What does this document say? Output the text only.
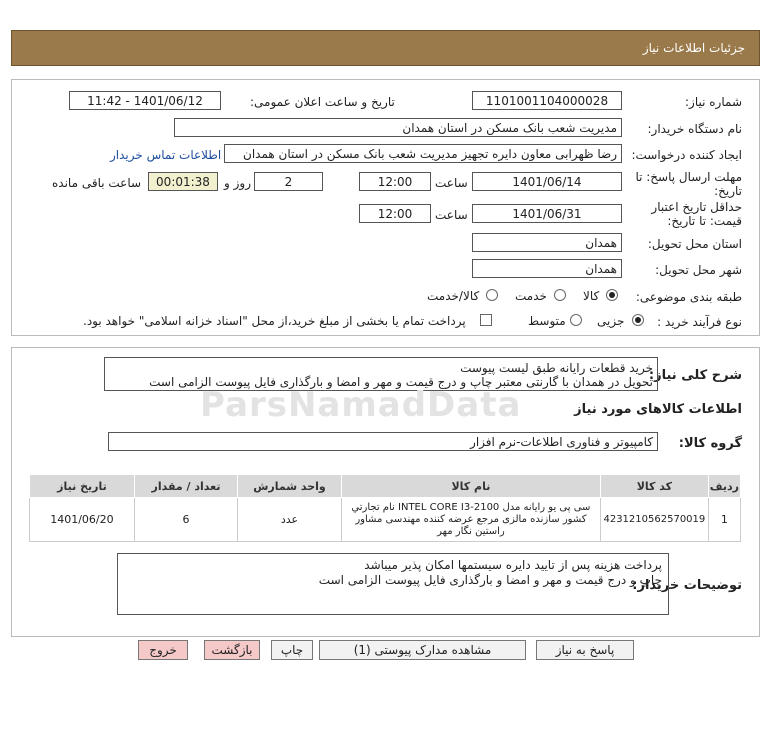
جزئیات اطلاعات نیاز
شماره نیاز:
1101001104000028
تاریخ و ساعت اعلان عمومی:
1401/06/12 - 11:42
نام دستگاه خریدار:
مدیریت شعب بانک مسکن در استان همدان
ایجاد کننده درخواست:
رضا ظهرابی معاون دایره تجهیز مدیریت شعب بانک مسکن در استان همدان
اطلاعات تماس خریدار
مهلت ارسال پاسخ: تا تاریخ:
1401/06/14
ساعت
12:00
2
روز و
00:01:38
ساعت باقی مانده
حداقل تاریخ اعتبار قیمت: تا تاریخ:
1401/06/31
ساعت
12:00
استان محل تحویل:
همدان
شهر محل تحویل:
همدان
طبقه بندی موضوعی:
کالا
خدمت
کالا/خدمت
نوع فرآیند خرید :
جزیی
متوسط
پرداخت تمام یا بخشی از مبلغ خرید،از محل "اسناد خزانه اسلامی" خواهد بود.
شرح کلی نیاز:
خرید قطعات رایانه طبق لیست پیوست
تحویل در همدان با گارنتی معتبر چاپ و درج قیمت و مهر و امضا و بارگذاری فایل پیوست الزامی است
ParsNamadData	اطلاعات کالاهای مورد نیاز
گروه کالا:
کامپیوتر و فناوری اطلاعات-نرم افزار
ردیف	کد کالا	نام کالا	واحد شمارش	تعداد / مقدار	تاریخ نیاز
1	4231210562570019	سی پی یو رایانه مدل INTEL CORE I3-2100 نام تجارتي کشور سازنده مالزی مرجع عرضه کننده مهندسی مشاور راستین نگار مهر	عدد	6	1401/06/20
توضیحات خریدار:
پرداخت هزینه پس از تایید دایره سیستمها امکان پذیر میباشد
چاپ و درج قیمت و مهر و امضا و بارگذاری فایل پیوست الزامی است
پاسخ به نیاز
مشاهده مدارک پیوستی (1)
چاپ
بازگشت
خروج
